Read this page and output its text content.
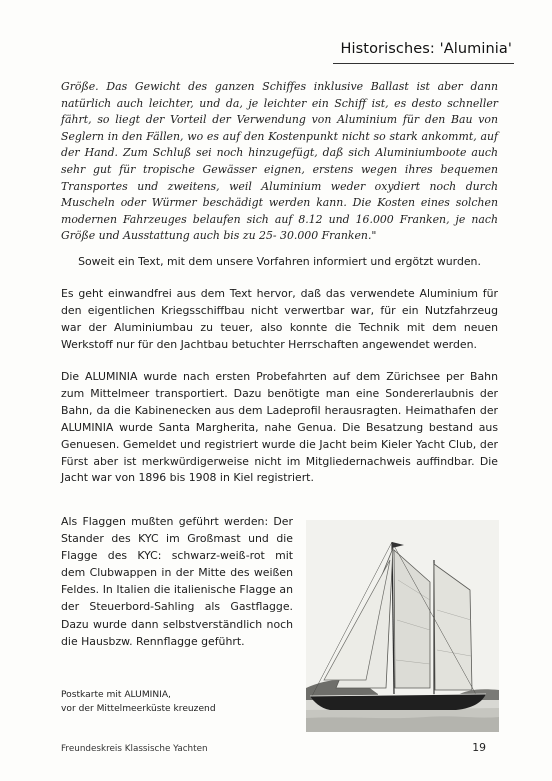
Historisches: 'Aluminia'

Größe. Das Gewicht des ganzen Schiffes inklusive Ballast ist aber dann natürlich auch leichter, und da, je leichter ein Schiff ist, es desto schneller fährt, so liegt der Vorteil der Verwendung von Aluminium für den Bau von Seglern in den Fällen, wo es auf den Kostenpunkt nicht so stark ankommt, auf der Hand. Zum Schluß sei noch hinzugefügt, daß sich Aluminiumboote auch sehr gut für tropische Gewässer eignen, erstens wegen ihres bequemen Transportes und zweitens, weil Aluminium weder oxydiert noch durch Muscheln oder Würmer beschädigt werden kann. Die Kosten eines solchen modernen Fahrzeuges belaufen sich auf 8.12 und 16.000 Franken, je nach Größe und Ausstattung auch bis zu 25- 30.000 Franken."

Soweit ein Text, mit dem unsere Vorfahren informiert und ergötzt wurden.

Es geht einwandfrei aus dem Text hervor, daß das verwendete Aluminium für den eigentlichen Kriegsschiffbau nicht verwertbar war, für ein Nutzfahrzeug war der Aluminiumbau zu teuer, also konnte die Technik mit dem neuen Werkstoff nur für den Jachtbau betuchter Herrschaften angewendet werden.

Die ALUMINIA wurde nach ersten Probefahrten auf dem Zürichsee per Bahn zum Mittelmeer transportiert. Dazu benötigte man eine Sondererlaubnis der Bahn, da die Kabinenecken aus dem Ladeprofil herausragten. Heimathafen der ALUMINIA wurde Santa Margherita, nahe Genua. Die Besatzung bestand aus Genuesen. Gemeldet und registriert wurde die Jacht beim Kieler Yacht Club, der Fürst aber ist merkwürdigerweise nicht im Mitgliedernachweis auffindbar. Die Jacht war von 1896 bis 1908 in Kiel registriert.

Als Flaggen mußten geführt werden: Der Stander des KYC im Großmast und die Flagge des KYC: schwarz-weiß-rot mit dem Clubwappen in der Mitte des weißen Feldes. In Italien die italienische Flagge an der Steuerbord-Sahling als Gastflagge. Dazu wurde dann selbstverständlich noch die Hausbzw. Rennflagge geführt.

Postkarte mit ALUMINIA,
vor der Mittelmeerküste kreuzend
Freundeskreis Klassische Yachten	19
